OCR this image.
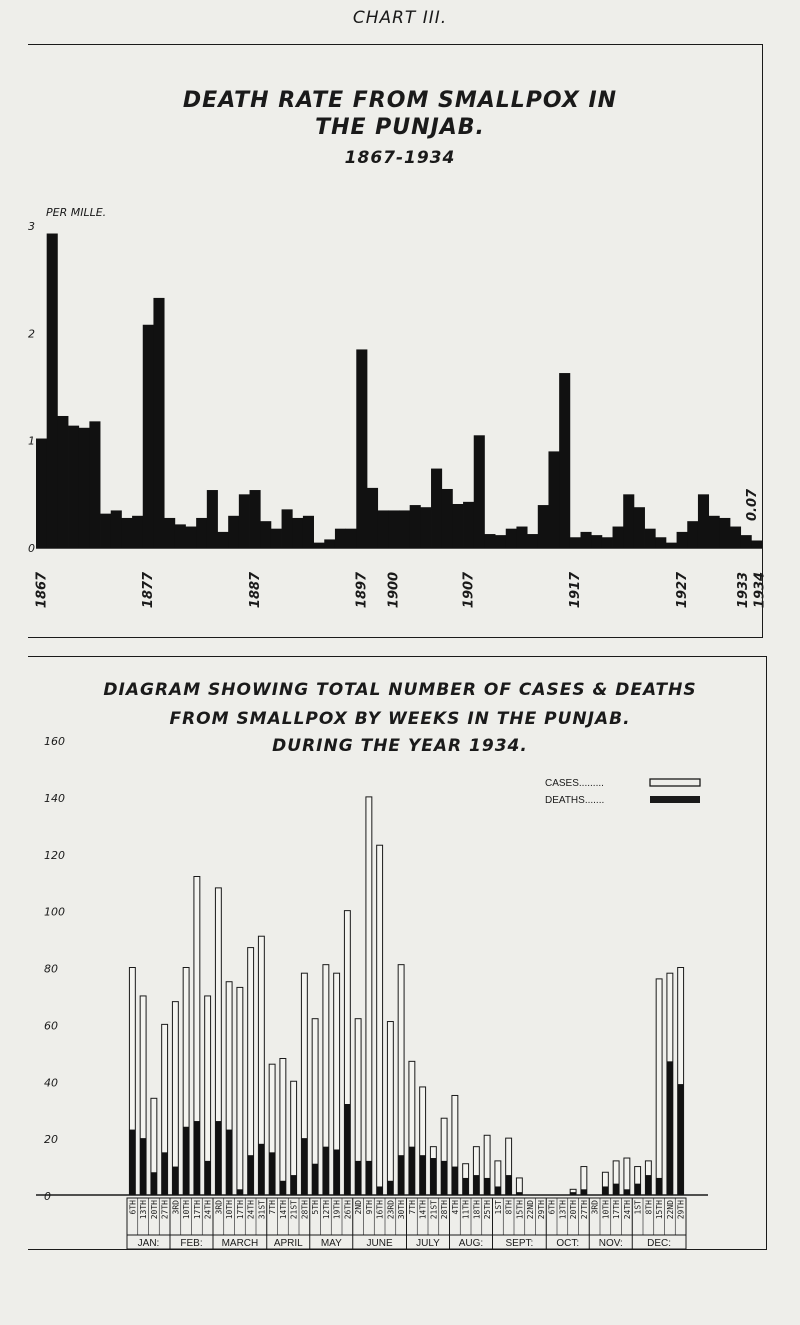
CHART III.
DEATH RATE FROM SMALLPOX IN
THE PUNJAB.
1867-1934
PER MILLE.
0
1
2
3
1867	1877	1887	1897 1900	1907	1917	1927	1933 1934
0.07
DIAGRAM SHOWING TOTAL NUMBER OF CASES & DEATHS
FROM SMALLPOX BY WEEKS IN THE PUNJAB.
DURING THE YEAR 1934.
0
20
40
60
80
100
120
140
160
CASES.........
DEATHS.......
6TH 13TH 20TH 27TH 3RD 10TH 17TH 24TH 3RD 10TH 17TH 24TH 31ST 7TH 14TH 21ST 28TH 5TH 12TH 19TH 26TH 2ND 9TH 16TH 23RD 30TH 7TH 14TH 21ST 28TH 4TH 11TH 18TH 25TH 1ST 8TH 15TH 22ND 29TH 6TH 13TH 20TH 27TH 3RD 10TH 17TH 24TH 1ST 8TH 15TH 22ND 29TH
JAN: FEB: MARCH APRIL MAY JUNE JULY AUG: SEPT: OCT: NOV: DEC:
